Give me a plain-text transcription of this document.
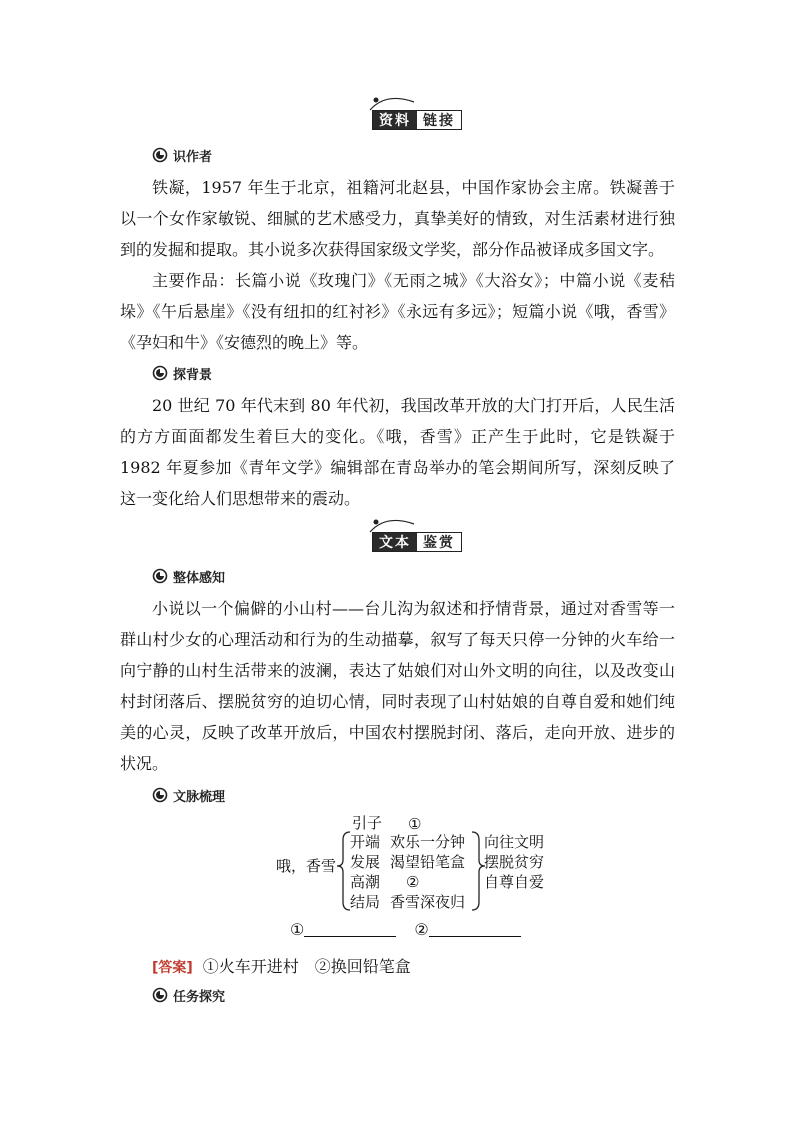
资料 链接
识作者

铁凝，1957 年生于北京，祖籍河北赵县，中国作家协会主席。铁凝善于以一个女作家敏锐、细腻的艺术感受力，真挚美好的情致，对生活素材进行独到的发掘和提取。其小说多次获得国家级文学奖，部分作品被译成多国文字。

主要作品：长篇小说《玫瑰门》《无雨之城》《大浴女》；中篇小说《麦秸垛》《午后悬崖》《没有纽扣的红衬衫》《永远有多远》；短篇小说《哦，香雪》《孕妇和牛》《安德烈的晚上》等。

探背景

20 世纪 70 年代末到 80 年代初，我国改革开放的大门打开后，人民生活的方方面面都发生着巨大的变化。《哦，香雪》正产生于此时，它是铁凝于 1982 年夏参加《青年文学》编辑部在青岛举办的笔会期间所写，深刻反映了这一变化给人们思想带来的震动。

文本 鉴赏
整体感知

小说以一个偏僻的小山村——台儿沟为叙述和抒情背景，通过对香雪等一群山村少女的心理活动和行为的生动描摹，叙写了每天只停一分钟的火车给一向宁静的山村生活带来的波澜，表达了姑娘们对山外文明的向往，以及改变山村封闭落后、摆脱贫穷的迫切心情，同时表现了山村姑娘的自尊自爱和她们纯美的心灵，反映了改革开放后，中国农村摆脱封闭、落后，走向开放、进步的状况。

文脉梳理
哦，香雪
引子
开端
发展
高潮
结局
①
欢乐一分钟
渴望铅笔盒
②
香雪深夜归
向往文明
摆脱贫穷
自尊自爱
①	②
[答案] ①火车开进村　②换回铅笔盒
任务探究
